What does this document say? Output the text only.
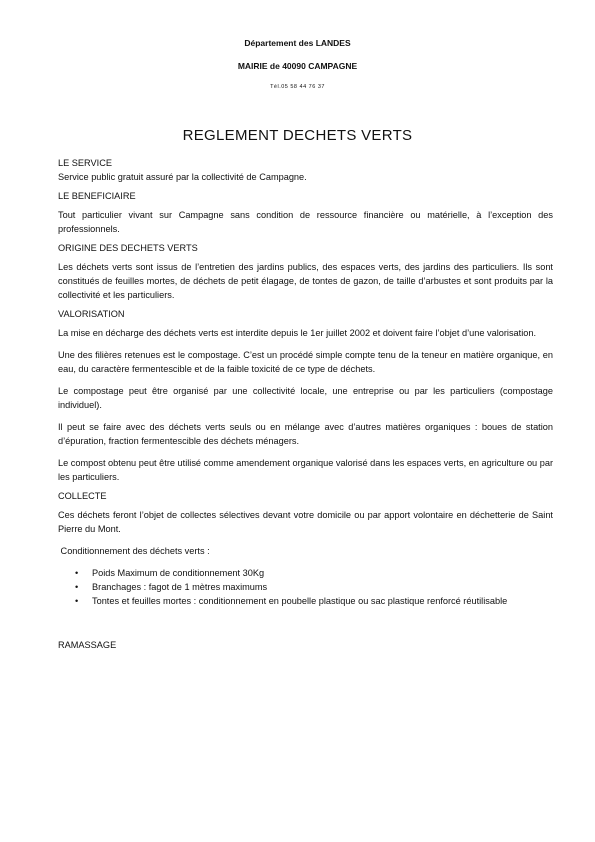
Département des LANDES
MAIRIE de 40090 CAMPAGNE
Tél.05 58 44 76 37
REGLEMENT DECHETS VERTS

LE SERVICE

Service public gratuit assuré par la collectivité de Campagne.

LE BENEFICIAIRE

Tout particulier vivant sur Campagne sans condition de ressource financière ou matérielle, à l’exception des professionnels.

ORIGINE DES DECHETS VERTS

Les déchets verts sont issus de l’entretien des jardins publics, des espaces verts, des jardins des particuliers. Ils sont constitués de feuilles mortes, de déchets de petit élagage, de tontes de gazon, de taille d’arbustes et sont produits par la collectivité et les particuliers.

VALORISATION

La mise en décharge des déchets verts est interdite depuis le 1er juillet 2002 et doivent faire l’objet d’une valorisation.

Une des filières retenues est le compostage. C’est un procédé simple compte tenu de la teneur en matière organique, en eau, du caractère fermentescible et de la faible toxicité de ce type de déchets.

Le compostage peut être organisé par une collectivité locale, une entreprise ou par les particuliers (compostage individuel).

Il peut se faire avec des déchets verts seuls ou en mélange avec d’autres matières organiques : boues de station d’épuration, fraction fermentescible des déchets ménagers.

Le compost obtenu peut être utilisé comme amendement organique valorisé dans les espaces verts, en agriculture ou par les particuliers.

COLLECTE

Ces déchets feront l’objet de collectes sélectives devant votre domicile ou par apport volontaire en déchetterie de Saint Pierre du Mont.

Conditionnement des déchets verts :

• Poids Maximum de conditionnement 30Kg
• Branchages : fagot de 1 mètres maximums
• Tontes et feuilles mortes : conditionnement en poubelle plastique ou sac plastique renforcé réutilisable

RAMASSAGE
